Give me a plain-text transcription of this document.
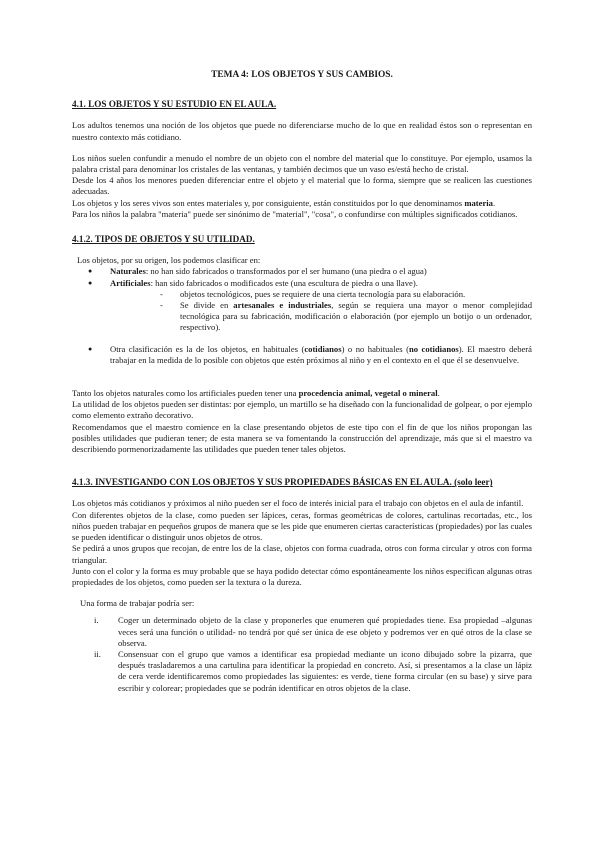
TEMA 4: LOS OBJETOS Y SUS CAMBIOS.
4.1. LOS OBJETOS Y SU ESTUDIO EN EL AULA.

Los adultos tenemos una noción de los objetos que puede no diferenciarse mucho de lo que en realidad éstos son o representan en nuestro contexto más cotidiano.

Los niños suelen confundir a menudo el nombre de un objeto con el nombre del material que lo constituye. Por ejemplo, usamos la palabra cristal para denominar los cristales de las ventanas, y también decimos que un vaso es/está hecho de cristal.

Desde los 4 años los menores pueden diferenciar entre el objeto y el material que lo forma, siempre que se realicen las cuestiones adecuadas.

Los objetos y los seres vivos son entes materiales y, por consiguiente, están constituidos por lo que denominamos materia.

Para los niños la palabra "materia" puede ser sinónimo de "material", "cosa", o confundirse con múltiples significados cotidianos.

4.1.2. TIPOS DE OBJETOS Y SU UTILIDAD.

Los objetos, por su origen, los podemos clasificar en:

● Naturales: no han sido fabricados o transformados por el ser humano (una piedra o el agua)
● Artificiales: han sido fabricados o modificados este (una escultura de piedra o una llave).
- objetos tecnológicos, pues se requiere de una cierta tecnología para su elaboración.
- Se divide en artesanales e industriales, según se requiera una mayor o menor complejidad tecnológica para su fabricación, modificación o elaboración (por ejemplo un botijo o un ordenador, respectivo).
● Otra clasificación es la de los objetos, en habituales (cotidianos) o no habituales (no cotidianos). El maestro deberá trabajar en la medida de lo posible con objetos que estén próximos al niño y en el contexto en el que él se desenvuelve.

Tanto los objetos naturales como los artificiales pueden tener una procedencia animal, vegetal o mineral.

La utilidad de los objetos pueden ser distintas: por ejemplo, un martillo se ha diseñado con la funcionalidad de golpear, o por ejemplo como elemento extraño decorativo.

Recomendamos que el maestro comience en la clase presentando objetos de este tipo con el fin de que los niños propongan las posibles utilidades que pudieran tener; de esta manera se va fomentando la construcción del aprendizaje, más que si el maestro va describiendo pormenorizadamente las utilidades que pueden tener tales objetos.

4.1.3. INVESTIGANDO CON LOS OBJETOS Y SUS PROPIEDADES BÁSICAS EN EL AULA. (solo leer)

Los objetos más cotidianos y próximos al niño pueden ser el foco de interés inicial para el trabajo con objetos en el aula de infantil.

Con diferentes objetos de la clase, como pueden ser lápices, ceras, formas geométricas de colores, cartulinas recortadas, etc., los niños pueden trabajar en pequeños grupos de manera que se les pide que enumeren ciertas características (propiedades) por las cuales se pueden identificar o distinguir unos objetos de otros.

Se pedirá a unos grupos que recojan, de entre los de la clase, objetos con forma cuadrada, otros con forma circular y otros con forma triangular.

Junto con el color y la forma es muy probable que se haya podido detectar cómo espontáneamente los niños especifican algunas otras propiedades de los objetos, como pueden ser la textura o la dureza.

Una forma de trabajar podría ser:

i. Coger un determinado objeto de la clase y proponerles que enumeren qué propiedades tiene. Esa propiedad –algunas veces será una función o utilidad- no tendrá por qué ser única de ese objeto y podremos ver en qué otros de la clase se observa.
ii. Consensuar con el grupo que vamos a identificar esa propiedad mediante un icono dibujado sobre la pizarra, que después trasladaremos a una cartulina para identificar la propiedad en concreto. Así, si presentamos a la clase un lápiz de cera verde identificaremos como propiedades las siguientes: es verde, tiene forma circular (en su base) y sirve para escribir y colorear; propiedades que se podrán identificar en otros objetos de la clase.
